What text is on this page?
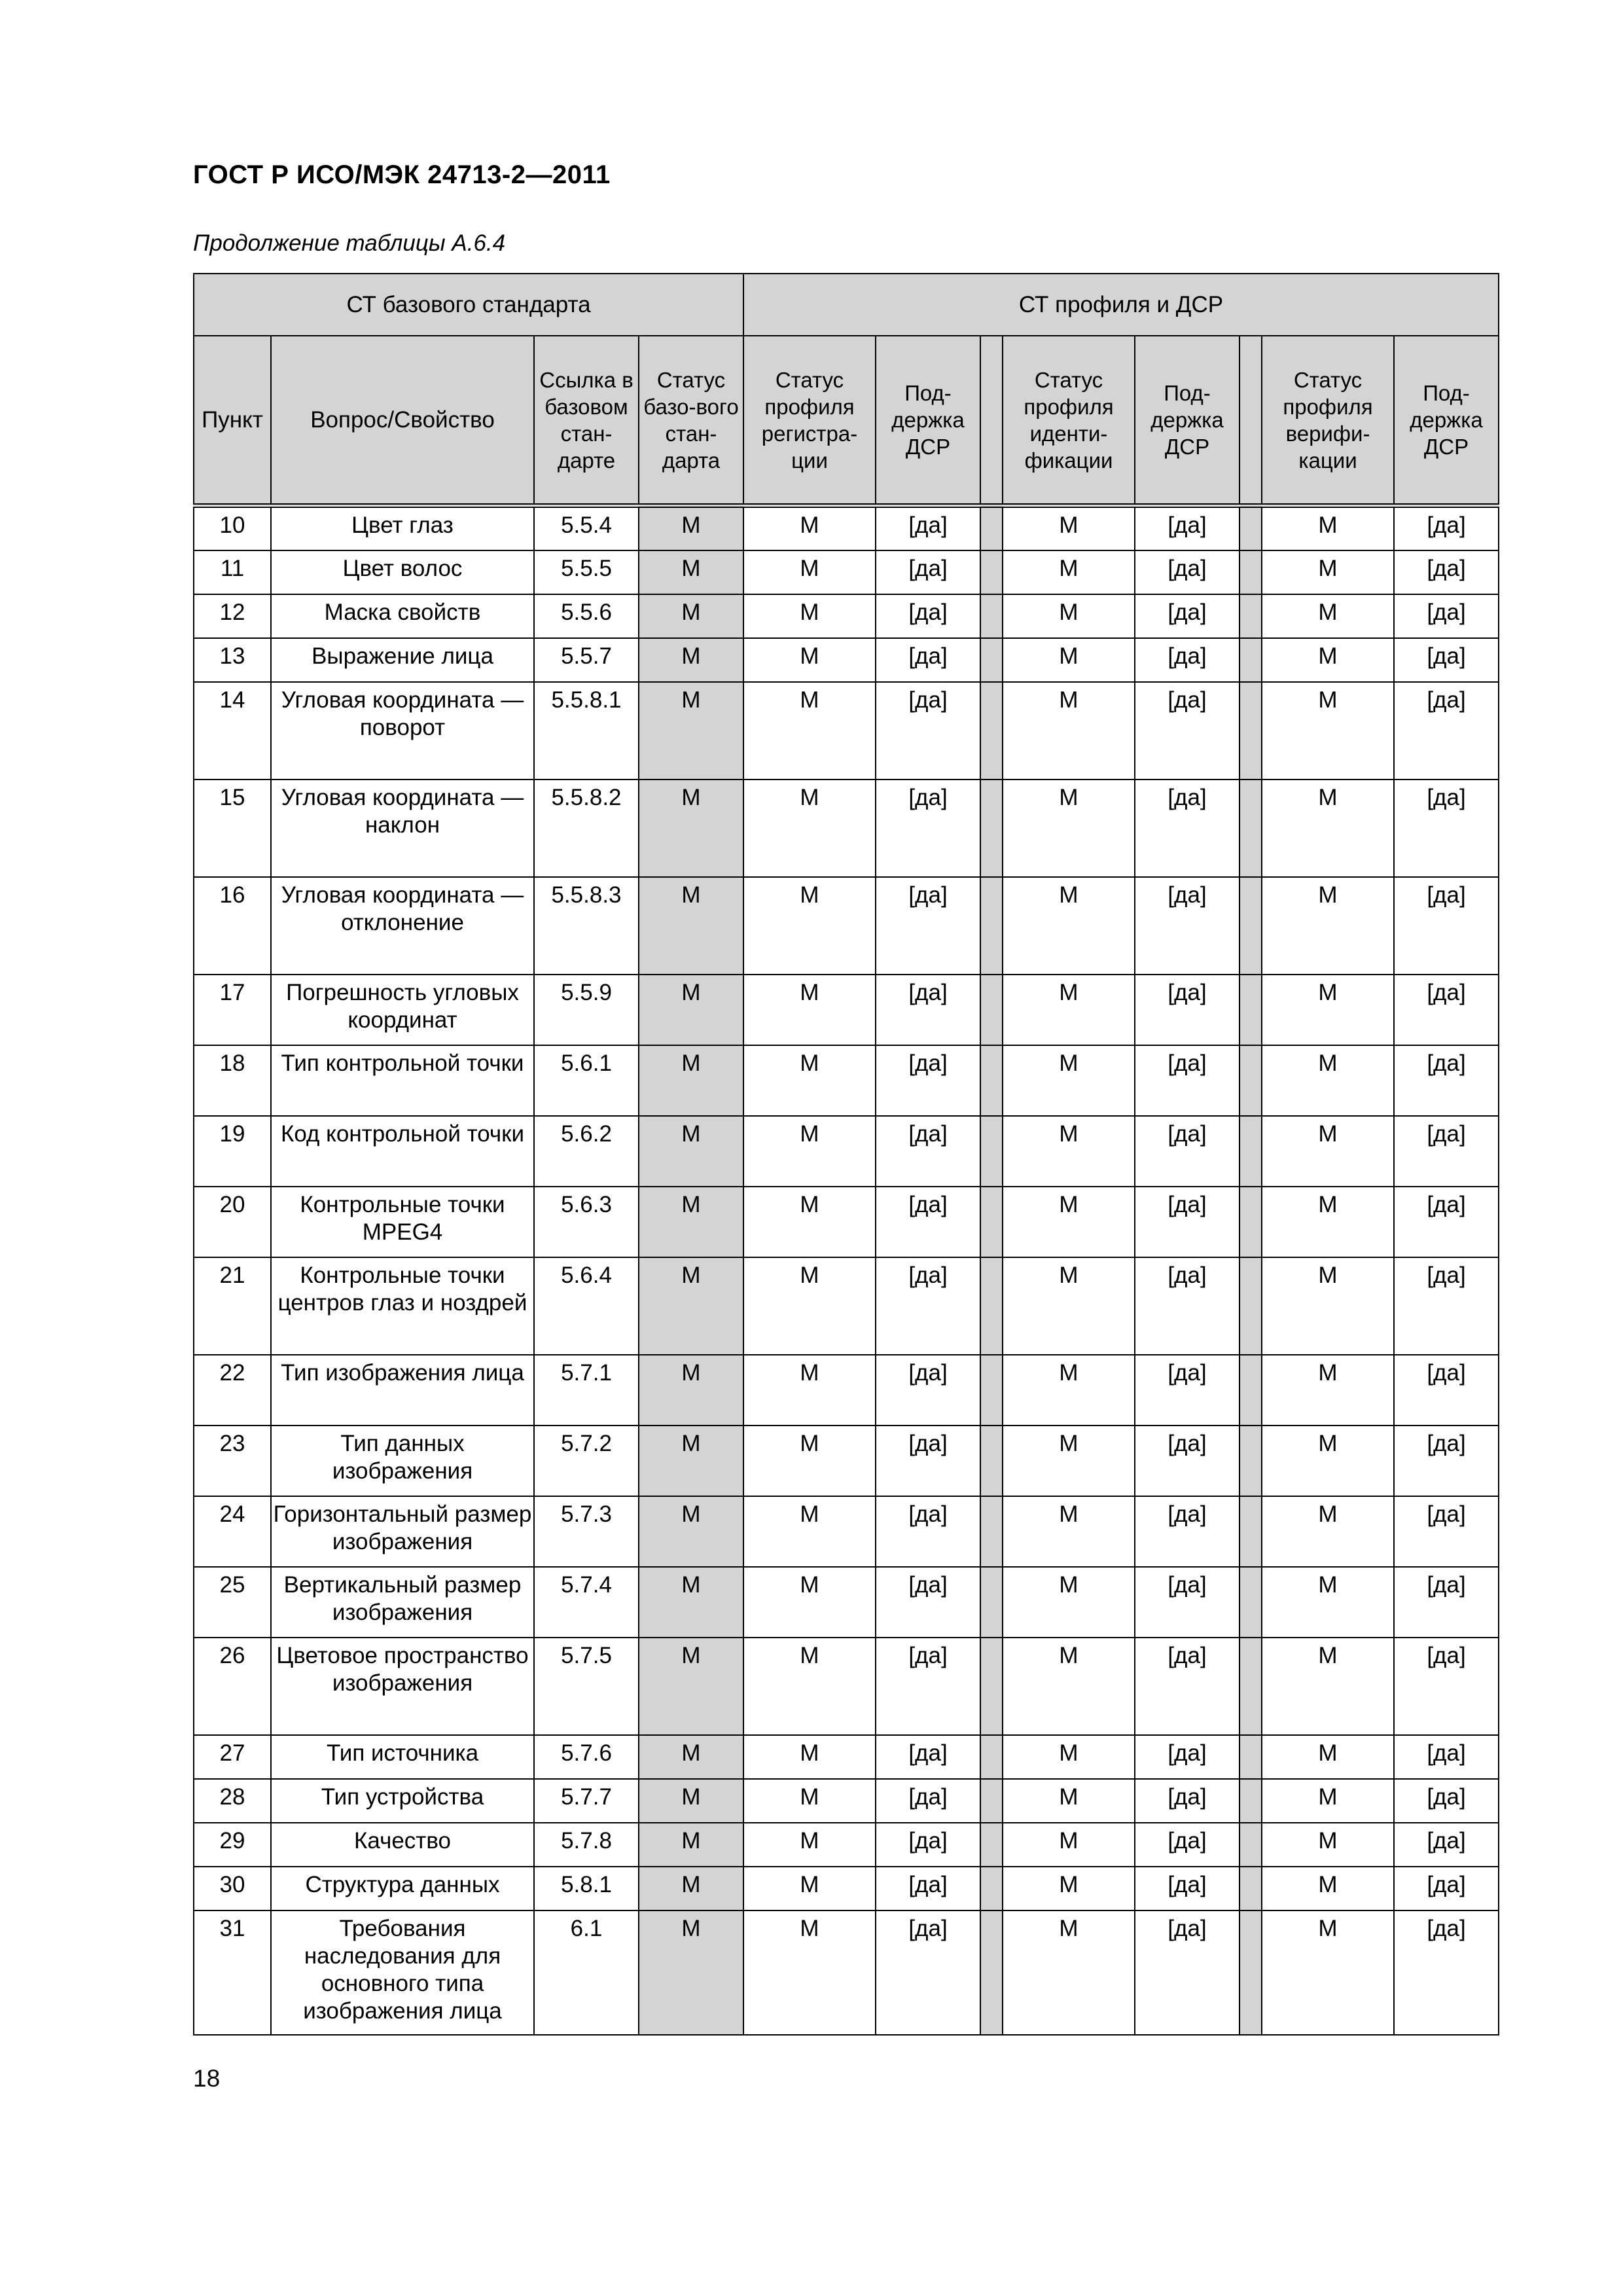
ГОСТ Р ИСО/МЭК 24713-2—2011
Продолжение таблицы А.6.4
СТ базового стандарта				СТ профиля и ДСР							
Пункт	Вопрос/Свойство	Ссылка в базовом стан-дарте	Статус базо-вого стан-дарта	Статус профиля регистра-ции	Под-держка ДСР		Статус профиля иденти-фикации	Под-держка ДСР		Статус профиля верифи-кации	Под-держка ДСР
10	Цвет глаз	5.5.4	M	M	[да]		M	[да]		M	[да]
11	Цвет волос	5.5.5	M	M	[да]		M	[да]		M	[да]
12	Маска свойств	5.5.6	M	M	[да]		M	[да]		M	[да]
13	Выражение лица	5.5.7	M	M	[да]		M	[да]		M	[да]
14	Угловая координата — поворот	5.5.8.1	M	M	[да]		M	[да]		M	[да]
15	Угловая координата — наклон	5.5.8.2	M	M	[да]		M	[да]		M	[да]
16	Угловая координата — отклонение	5.5.8.3	M	M	[да]		M	[да]		M	[да]
17	Погрешность угловых координат	5.5.9	M	M	[да]		M	[да]		M	[да]
18	Тип контрольной точки	5.6.1	M	M	[да]		M	[да]		M	[да]
19	Код контрольной точки	5.6.2	M	M	[да]		M	[да]		M	[да]
20	Контрольные точки MPEG4	5.6.3	M	M	[да]		M	[да]		M	[да]
21	Контрольные точки центров глаз и ноздрей	5.6.4	M	M	[да]		M	[да]		M	[да]
22	Тип изображения лица	5.7.1	M	M	[да]		M	[да]		M	[да]
23	Тип данных изображения	5.7.2	M	M	[да]		M	[да]		M	[да]
24	Горизонтальный размер изображения	5.7.3	M	M	[да]		M	[да]		M	[да]
25	Вертикальный размер изображения	5.7.4	M	M	[да]		M	[да]		M	[да]
26	Цветовое пространство изображения	5.7.5	M	M	[да]		M	[да]		M	[да]
27	Тип источника	5.7.6	M	M	[да]		M	[да]		M	[да]
28	Тип устройства	5.7.7	M	M	[да]		M	[да]		M	[да]
29	Качество	5.7.8	M	M	[да]		M	[да]		M	[да]
30	Структура данных	5.8.1	M	M	[да]		M	[да]		M	[да]
31	Требования наследования для основного типа изображения лица	6.1	M	M	[да]		M	[да]		M	[да]
18
